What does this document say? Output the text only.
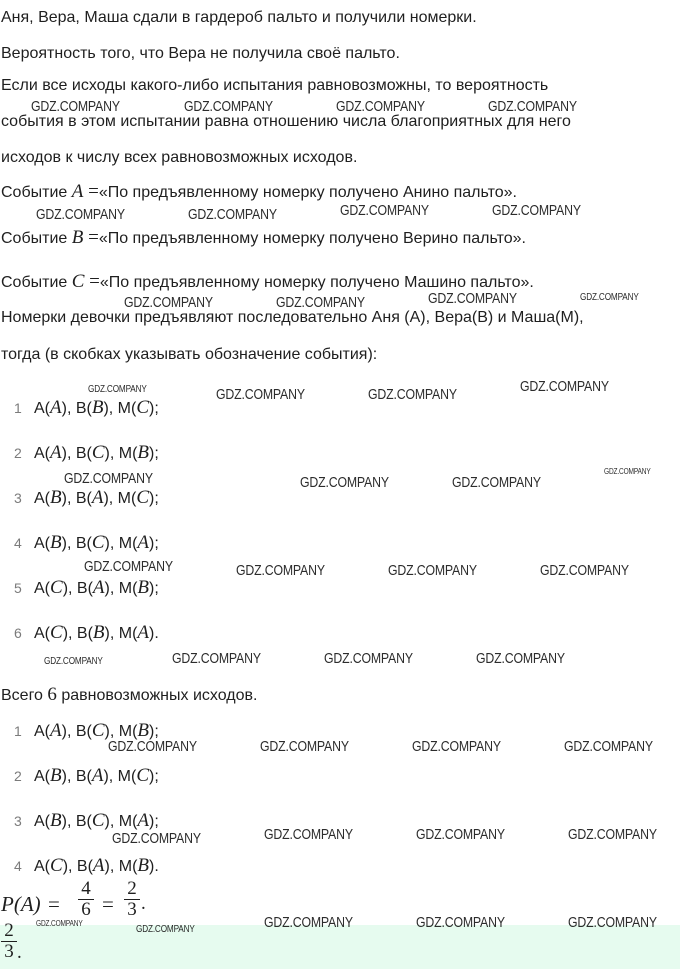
Аня, Вера, Маша сдали в гардероб пальто и получили номерки.
Вероятность того, что Вера не получила своё пальто.
Если все исходы какого-либо испытания равновозможны, то вероятность
события в этом испытании равна отношению числа благоприятных для него
исходов к числу всех равновозможных исходов.
Событие A =«По предъявленному номерку получено Анино пальто».
Событие B =«По предъявленному номерку получено Верино пальто».
Событие C =«По предъявленному номерку получено Машино пальто».
Номерки девочки предъявляют последовательно Аня (А), Вера(В) и Маша(М),
тогда (в скобках указывать обозначение события):
1 A(A), B(B), M(C);
2 A(A), B(C), M(B);
3 A(B), B(A), M(C);
4 A(B), B(C), M(A);
5 A(C), B(A), M(B);
6 A(C), B(B), M(A).
Всего 6 равновозможных исходов.
1 A(A), B(C), M(B);
2 A(B), B(A), M(C);
3 A(B), B(C), M(A);
4 A(C), B(A), M(B).
P(A) =
4
6 =
2
3 .
2
3 .
GDZ.COMPANY	GDZ.COMPANY	GDZ.COMPANY	GDZ.COMPANY
GDZ.COMPANY	GDZ.COMPANY	GDZ.COMPANY	GDZ.COMPANY
GDZ.COMPANY	GDZ.COMPANY	GDZ.COMPANY	GDZ.COMPANY
GDZ.COMPANY	GDZ.COMPANY	GDZ.COMPANY	GDZ.COMPANY
GDZ.COMPANY	GDZ.COMPANY	GDZ.COMPANY
GDZ.COMPANY
GDZ.COMPANY	GDZ.COMPANY	GDZ.COMPANY	GDZ.COMPANY
GDZ.COMPANY	GDZ.COMPANY	GDZ.COMPANY	GDZ.COMPANY
GDZ.COMPANY	GDZ.COMPANY	GDZ.COMPANY	GDZ.COMPANY
GDZ.COMPANY	GDZ.COMPANY	GDZ.COMPANY	GDZ.COMPANY
GDZ.COMPANY
GDZ.COMPANY	GDZ.COMPANY	GDZ.COMPANY	GDZ.COMPANY
